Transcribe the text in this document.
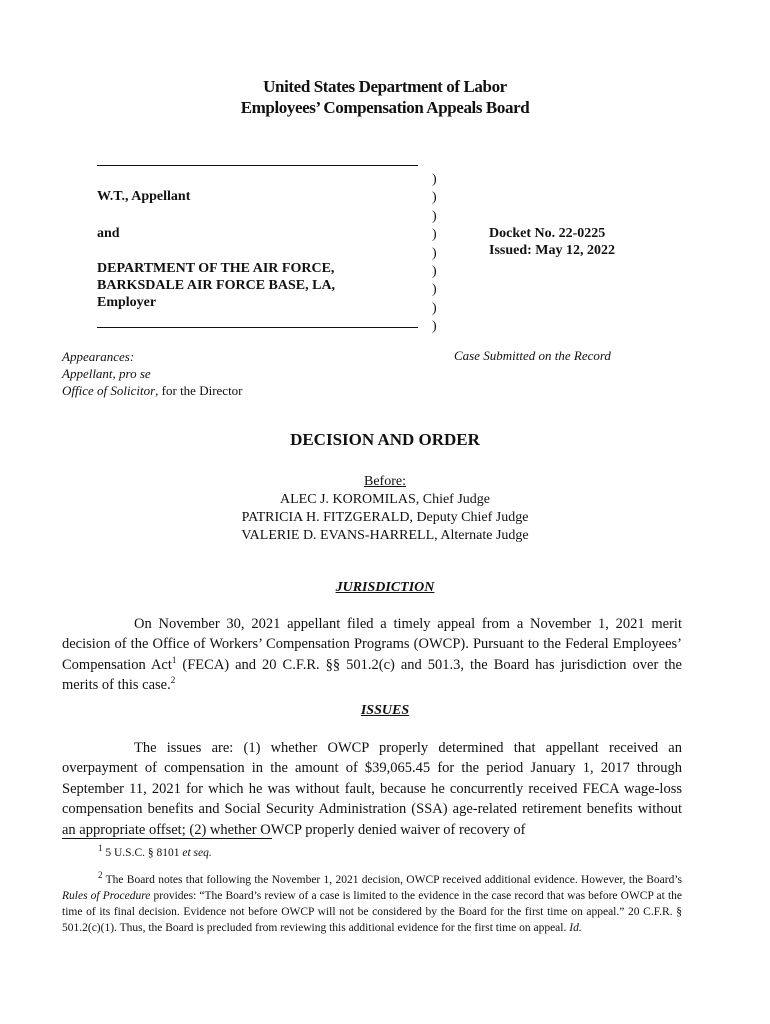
United States Department of Labor
Employees’ Compensation Appeals Board
W.T., Appellant
and
DEPARTMENT OF THE AIR FORCE,
BARKSDALE AIR FORCE BASE, LA,
Employer
)
)
)
)
)
)
)
)
)
Docket No. 22-0225
Issued: May 12, 2022
Appearances:
Appellant, pro se
Office of Solicitor, for the Director
Case Submitted on the Record
DECISION AND ORDER
Before:
ALEC J. KOROMILAS, Chief Judge
PATRICIA H. FITZGERALD, Deputy Chief Judge
VALERIE D. EVANS-HARRELL, Alternate Judge
JURISDICTION
On November 30, 2021 appellant filed a timely appeal from a November 1, 2021 merit decision of the Office of Workers’ Compensation Programs (OWCP). Pursuant to the Federal Employees’ Compensation Act$^1$ (FECA) and 20 C.F.R. §§ 501.2(c) and 501.3, the Board has jurisdiction over the merits of this case.$^2$
ISSUES
The issues are: (1) whether OWCP properly determined that appellant received an overpayment of compensation in the amount of $39,065.45 for the period January 1, 2017 through September 11, 2021 for which he was without fault, because he concurrently received FECA wage-loss compensation benefits and Social Security Administration (SSA) age-related retirement benefits without an appropriate offset; (2) whether OWCP properly denied waiver of recovery of
$^1$ 5 U.S.C. § 8101 et seq.
$^2$ The Board notes that following the November 1, 2021 decision, OWCP received additional evidence. However, the Board’s Rules of Procedure provides: “The Board’s review of a case is limited to the evidence in the case record that was before OWCP at the time of its final decision. Evidence not before OWCP will not be considered by the Board for the first time on appeal.” 20 C.F.R. § 501.2(c)(1). Thus, the Board is precluded from reviewing this additional evidence for the first time on appeal. Id.
